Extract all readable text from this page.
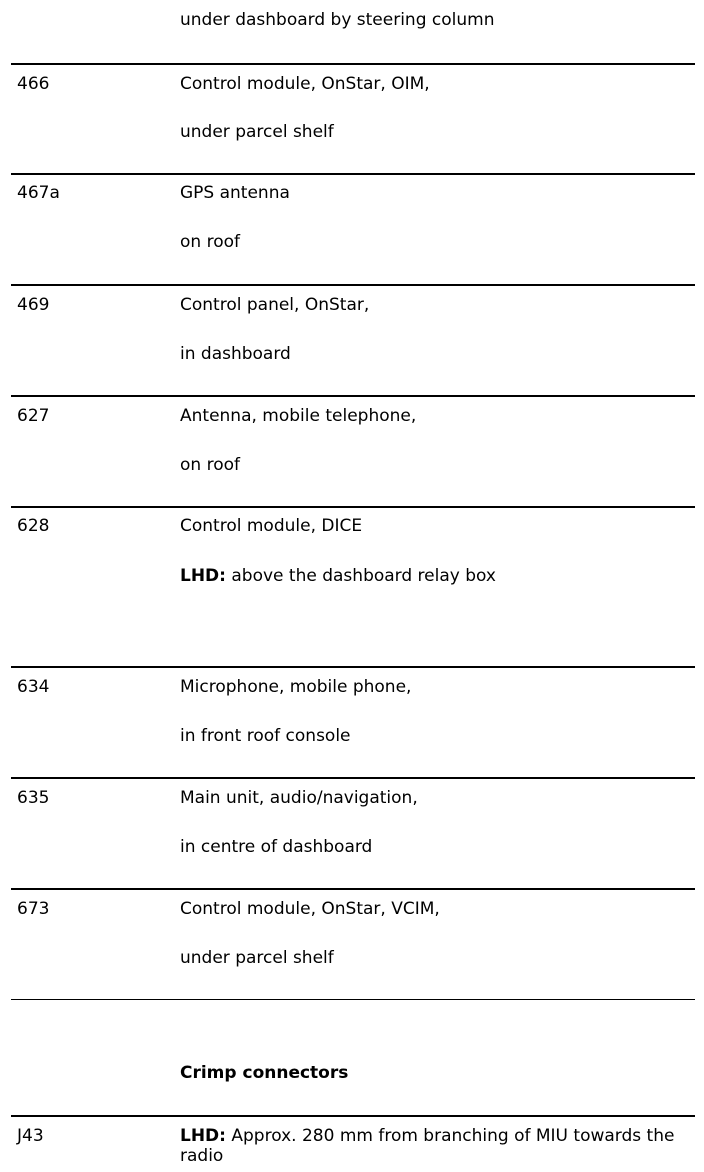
under dashboard by steering column
466	Control module, OnStar, OIM,
under parcel shelf
467a	GPS antenna
on roof
469	Control panel, OnStar,
in dashboard
627	Antenna, mobile telephone,
on roof
628	Control module, DICE
LHD: above the dashboard relay box
634	Microphone, mobile phone,
in front roof console
635	Main unit, audio/navigation,
in centre of dashboard
673	Control module, OnStar, VCIM,
under parcel shelf
Crimp connectors
J43	LHD: Approx. 280 mm from branching of MIU towards the radio
